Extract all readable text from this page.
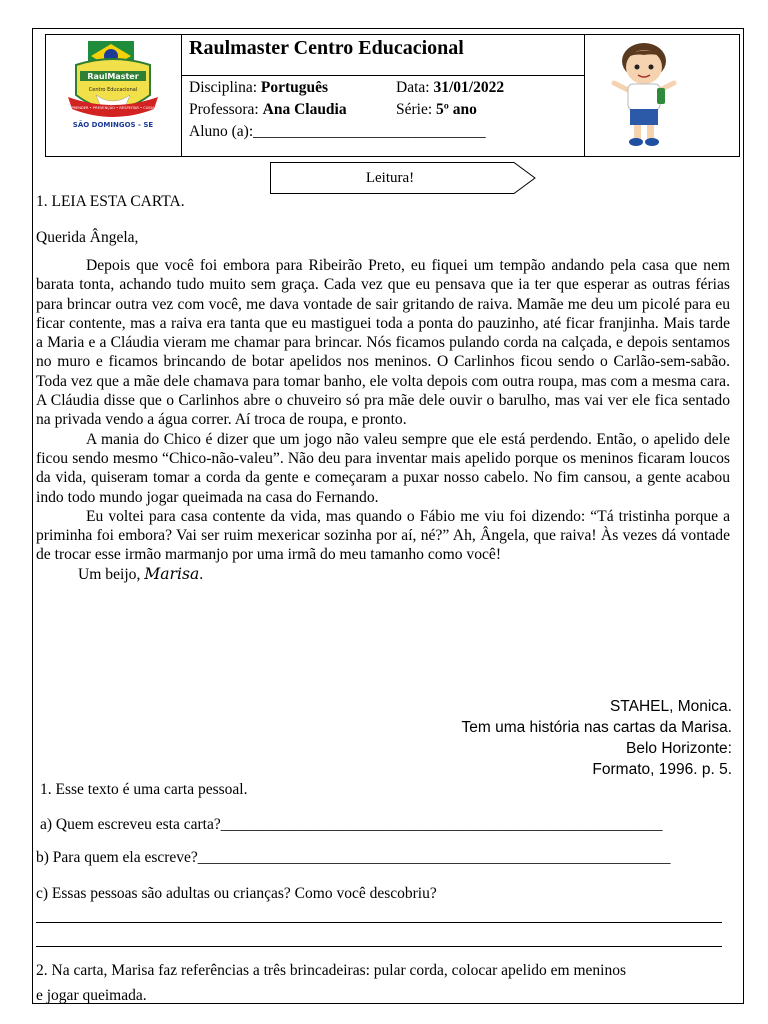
RaulMaster
Centro Educacional
APRENDER • PREVENÇÃO • RESPEITAR • CUIDAR
SÃO DOMINGOS - SE
Raulmaster Centro Educacional
Disciplina: Português	Data: 31/01/2022
Professora: Ana Claudia	Série: 5º ano
Aluno (a):______________________________
Leitura!
1. LEIA ESTA CARTA.
Querida Ângela,

Depois que você foi embora para Ribeirão Preto, eu fiquei um tempão andando pela casa que nem barata tonta, achando tudo muito sem graça. Cada vez que eu pensava que ia ter que esperar as outras férias para brincar outra vez com você, me dava vontade de sair gritando de raiva. Mamãe me deu um picolé para eu ficar contente, mas a raiva era tanta que eu mastiguei toda a ponta do pauzinho, até ficar franjinha. Mais tarde a Maria e a Cláudia vieram me chamar para brincar. Nós ficamos pulando corda na calçada, e depois sentamos no muro e ficamos brincando de botar apelidos nos meninos. O Carlinhos ficou sendo o Carlão-sem-sabão. Toda vez que a mãe dele chamava para tomar banho, ele volta depois com outra roupa, mas com a mesma cara. A Cláudia disse que o Carlinhos abre o chuveiro só pra mãe dele ouvir o barulho, mas vai ver ele fica sentado na privada vendo a água correr. Aí troca de roupa, e pronto.

A mania do Chico é dizer que um jogo não valeu sempre que ele está perdendo. Então, o apelido dele ficou sendo mesmo “Chico-não-valeu”. Não deu para inventar mais apelido porque os meninos ficaram loucos da vida, quiseram tomar a corda da gente e começaram a puxar nosso cabelo. No fim cansou, a gente acabou indo todo mundo jogar queimada na casa do Fernando.

Eu voltei para casa contente da vida, mas quando o Fábio me viu foi dizendo: “Tá tristinha porque a priminha foi embora? Vai ser ruim mexericar sozinha por aí, né?” Ah, Ângela, que raiva! Às vezes dá vontade de trocar esse irmão marmanjo por uma irmã do meu tamanho como você!

Um beijo, Marisa.

STAHEL, Monica.
Tem uma história nas cartas da Marisa.
Belo Horizonte:
Formato, 1996. p. 5.
1. Esse texto é uma carta pessoal.
a) Quem escreveu esta carta?_________________________________________________________
b) Para quem ela escreve?_____________________________________________________________
c) Essas pessoas são adultas ou crianças? Como você descobriu?
2. Na carta, Marisa faz referências a três brincadeiras: pular corda, colocar apelido em meninos
e jogar queimada.
